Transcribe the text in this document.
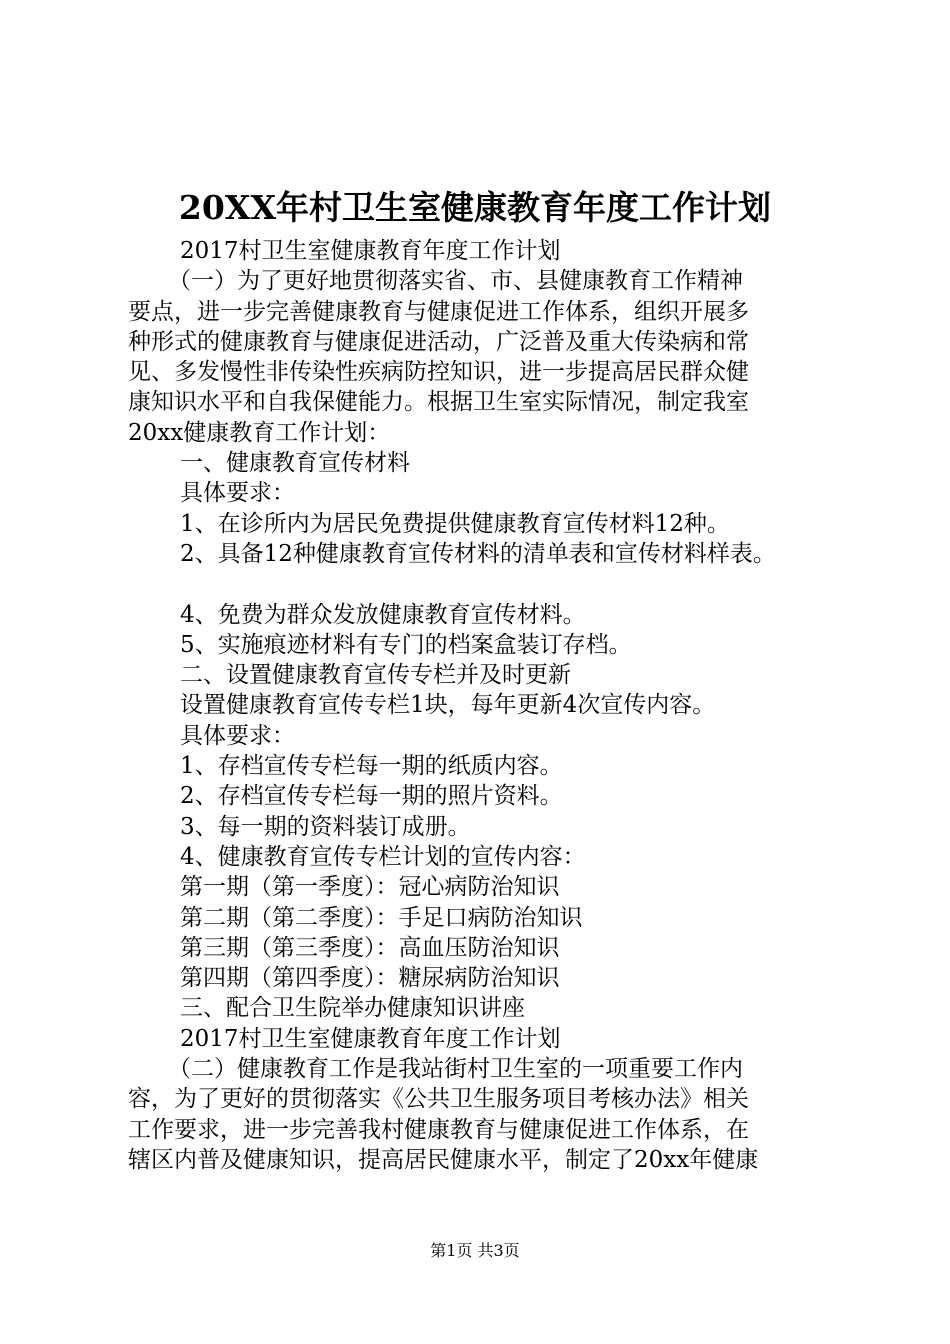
20XX年村卫生室健康教育年度工作计划
2017村卫生室健康教育年度工作计划
（一）为了更好地贯彻落实省、市、县健康教育工作精神
要点，进一步完善健康教育与健康促进工作体系，组织开展多
种形式的健康教育与健康促进活动，广泛普及重大传染病和常
见、多发慢性非传染性疾病防控知识，进一步提高居民群众健
康知识水平和自我保健能力。根据卫生室实际情况，制定我室
20xx健康教育工作计划：
一、健康教育宣传材料
具体要求：
1、在诊所内为居民免费提供健康教育宣传材料12种。
2、具备12种健康教育宣传材料的清单表和宣传材料样表。
4、免费为群众发放健康教育宣传材料。
5、实施痕迹材料有专门的档案盒装订存档。
二、设置健康教育宣传专栏并及时更新
设置健康教育宣传专栏1块，每年更新4次宣传内容。
具体要求：
1、存档宣传专栏每一期的纸质内容。
2、存档宣传专栏每一期的照片资料。
3、每一期的资料装订成册。
4、健康教育宣传专栏计划的宣传内容：
第一期（第一季度）：冠心病防治知识
第二期（第二季度）：手足口病防治知识
第三期（第三季度）：高血压防治知识
第四期（第四季度）：糖尿病防治知识
三、配合卫生院举办健康知识讲座
2017村卫生室健康教育年度工作计划
（二）健康教育工作是我站街村卫生室的一项重要工作内
容，为了更好的贯彻落实《公共卫生服务项目考核办法》相关
工作要求，进一步完善我村健康教育与健康促进工作体系，在
辖区内普及健康知识，提高居民健康水平，制定了20xx年健康
第1页 共3页
